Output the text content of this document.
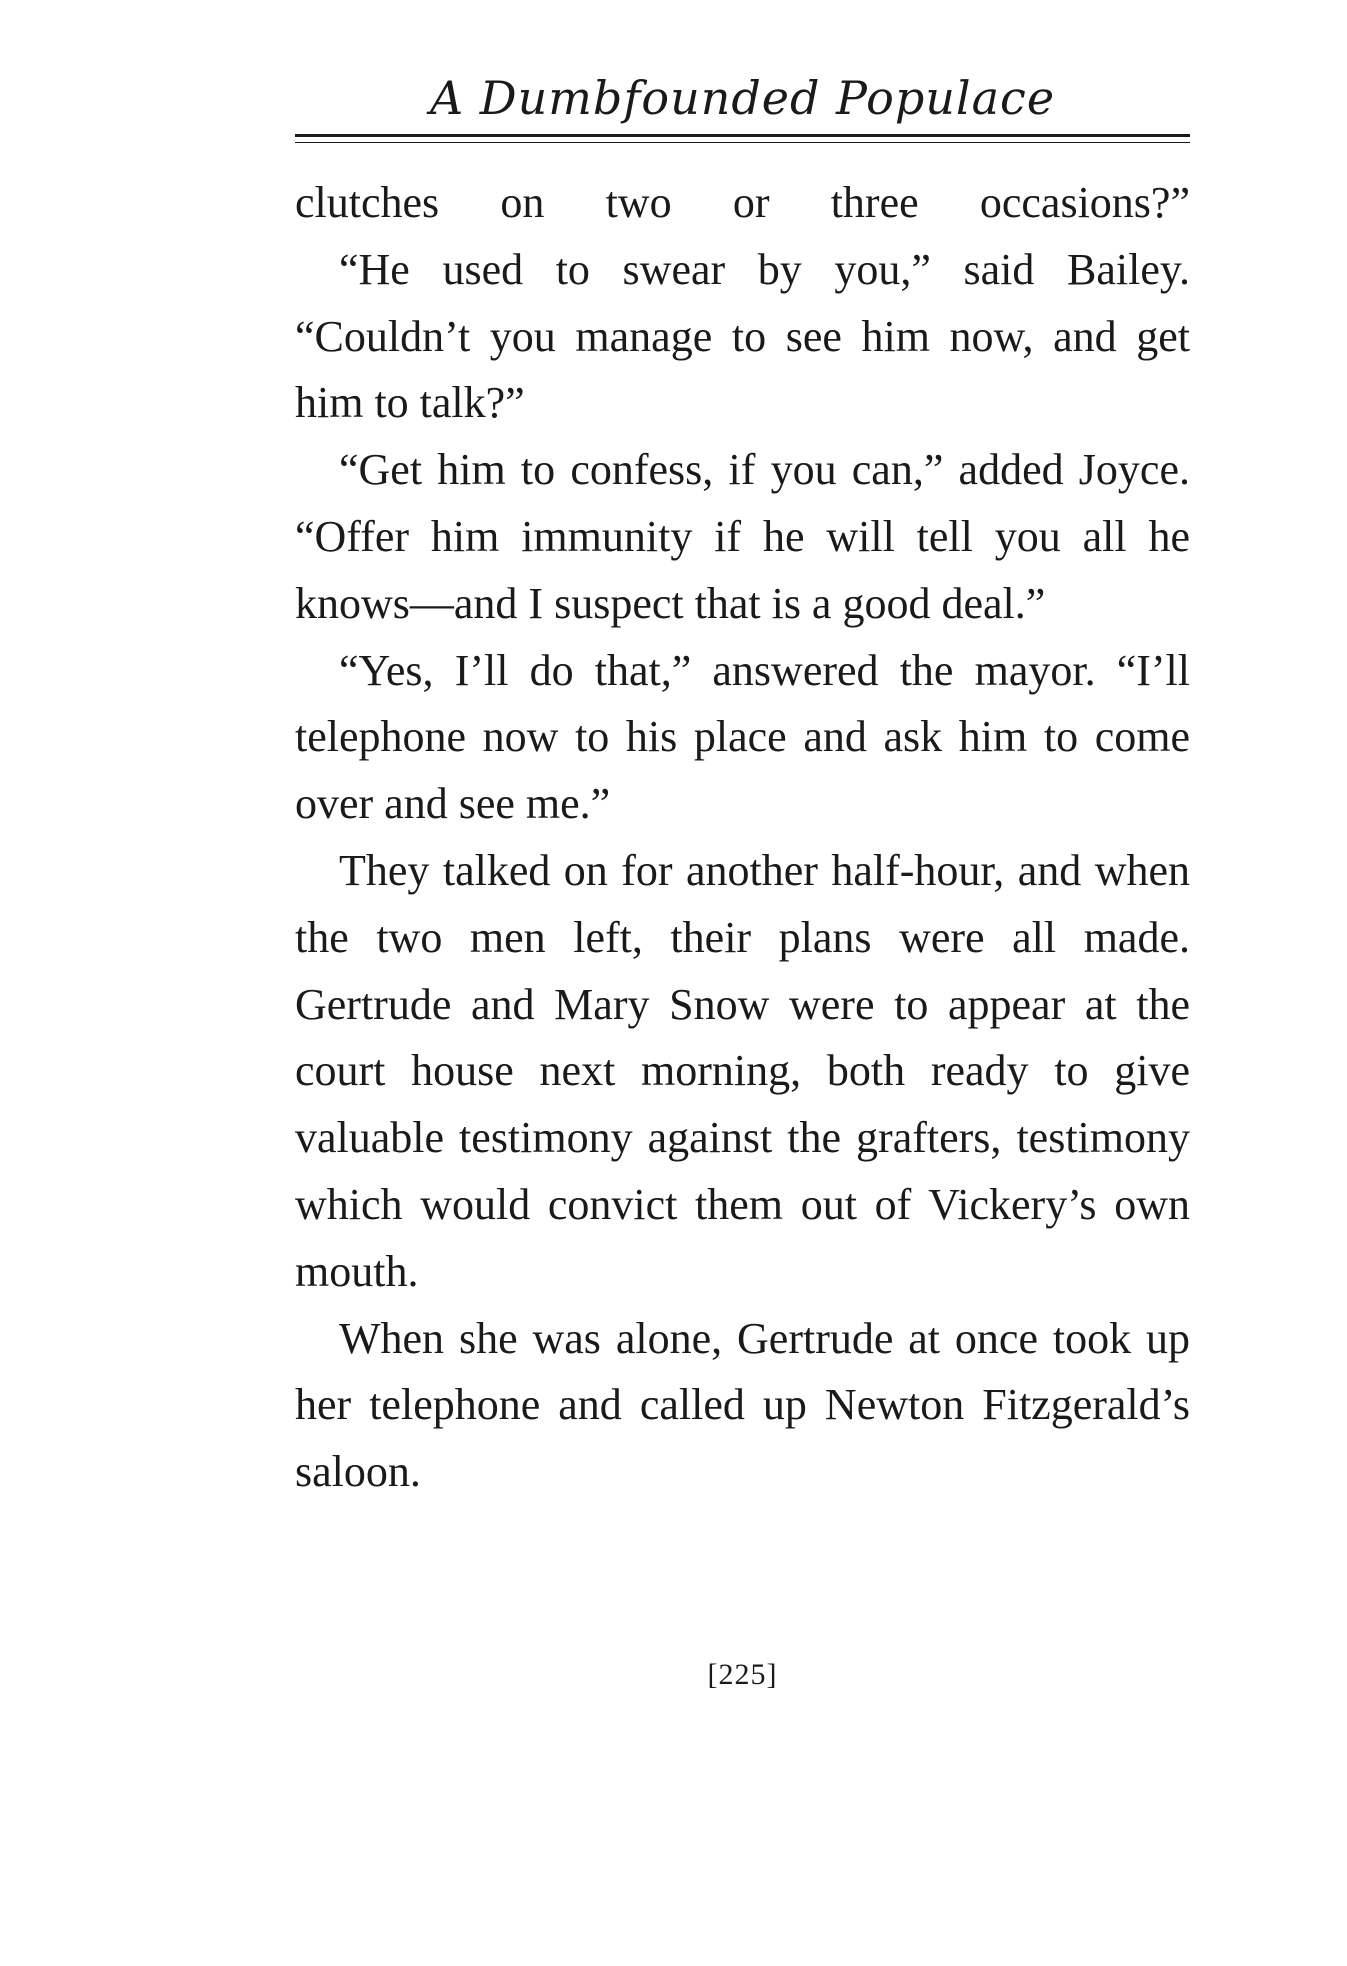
A Dumbfounded Populace

clutches on two or three occasions?”

“He used to swear by you,” said Bailey. “Couldn’t you manage to see him now, and get him to talk?”

“Get him to confess, if you can,” added Joyce. “Offer him immunity if he will tell you all he knows—and I suspect that is a good deal.”

“Yes, I’ll do that,” answered the mayor. “I’ll telephone now to his place and ask him to come over and see me.”

They talked on for another half-hour, and when the two men left, their plans were all made. Gertrude and Mary Snow were to appear at the court house next morning, both ready to give valuable testimony against the grafters, testimony which would convict them out of Vickery’s own mouth.

When she was alone, Gertrude at once took up her telephone and called up Newton Fitzgerald’s saloon.

[225]
